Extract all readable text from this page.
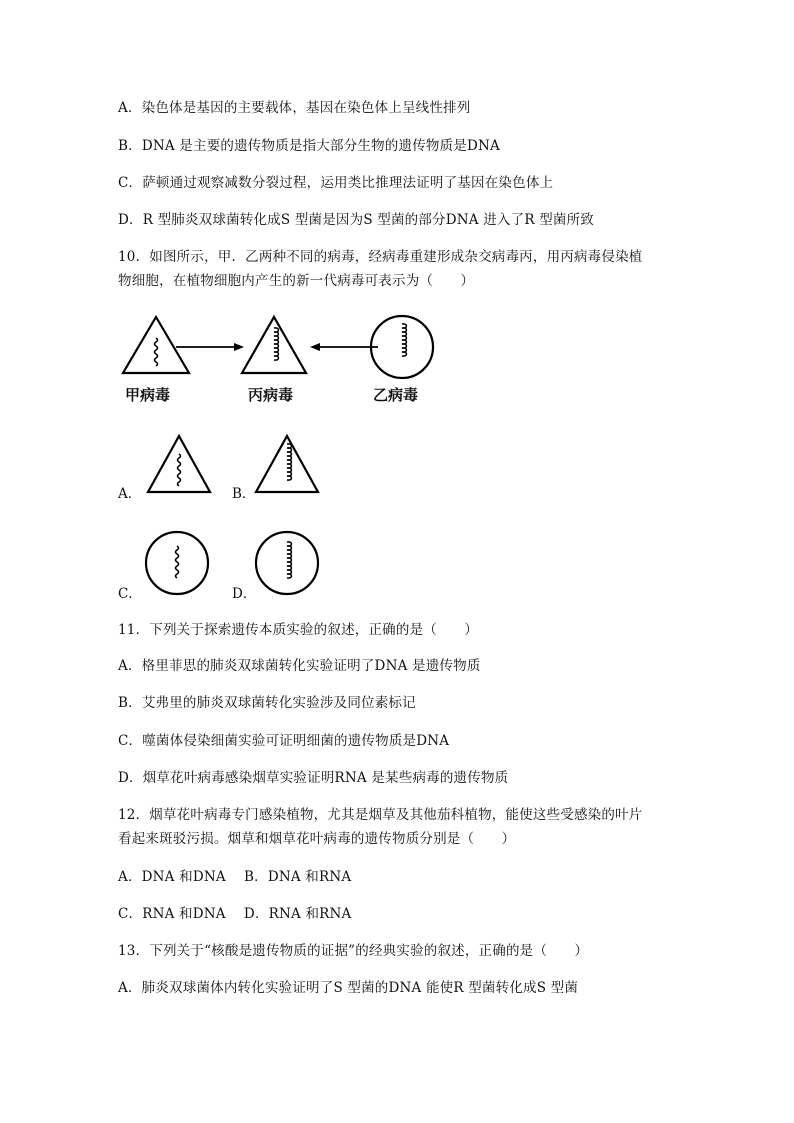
A．染色体是基因的主要载体，基因在染色体上呈线性排列
B．DNA 是主要的遗传物质是指大部分生物的遗传物质是DNA
C．萨顿通过观察减数分裂过程，运用类比推理法证明了基因在染色体上
D．R 型肺炎双球菌转化成S 型菌是因为S 型菌的部分DNA 进入了R 型菌所致
10．如图所示，甲．乙两种不同的病毒，经病毒重建形成杂交病毒丙，用丙病毒侵染植
物细胞，在植物细胞内产生的新一代病毒可表示为（　　）
甲病毒	丙病毒	乙病毒
A．	B．
C．	D．
11．下列关于探索遗传本质实验的叙述，正确的是（　　）
A．格里菲思的肺炎双球菌转化实验证明了DNA 是遗传物质
B．艾弗里的肺炎双球菌转化实验涉及同位素标记
C．噬菌体侵染细菌实验可证明细菌的遗传物质是DNA
D．烟草花叶病毒感染烟草实验证明RNA 是某些病毒的遗传物质
12．烟草花叶病毒专门感染植物，尤其是烟草及其他茄科植物，能使这些受感染的叶片
看起来斑驳污损。烟草和烟草花叶病毒的遗传物质分别是（　　）
A．DNA 和DNA　 B．DNA 和RNA
C．RNA 和DNA　 D．RNA 和RNA
13．下列关于“核酸是遗传物质的证据”的经典实验的叙述，正确的是（　　）
A．肺炎双球菌体内转化实验证明了S 型菌的DNA 能使R 型菌转化成S 型菌
